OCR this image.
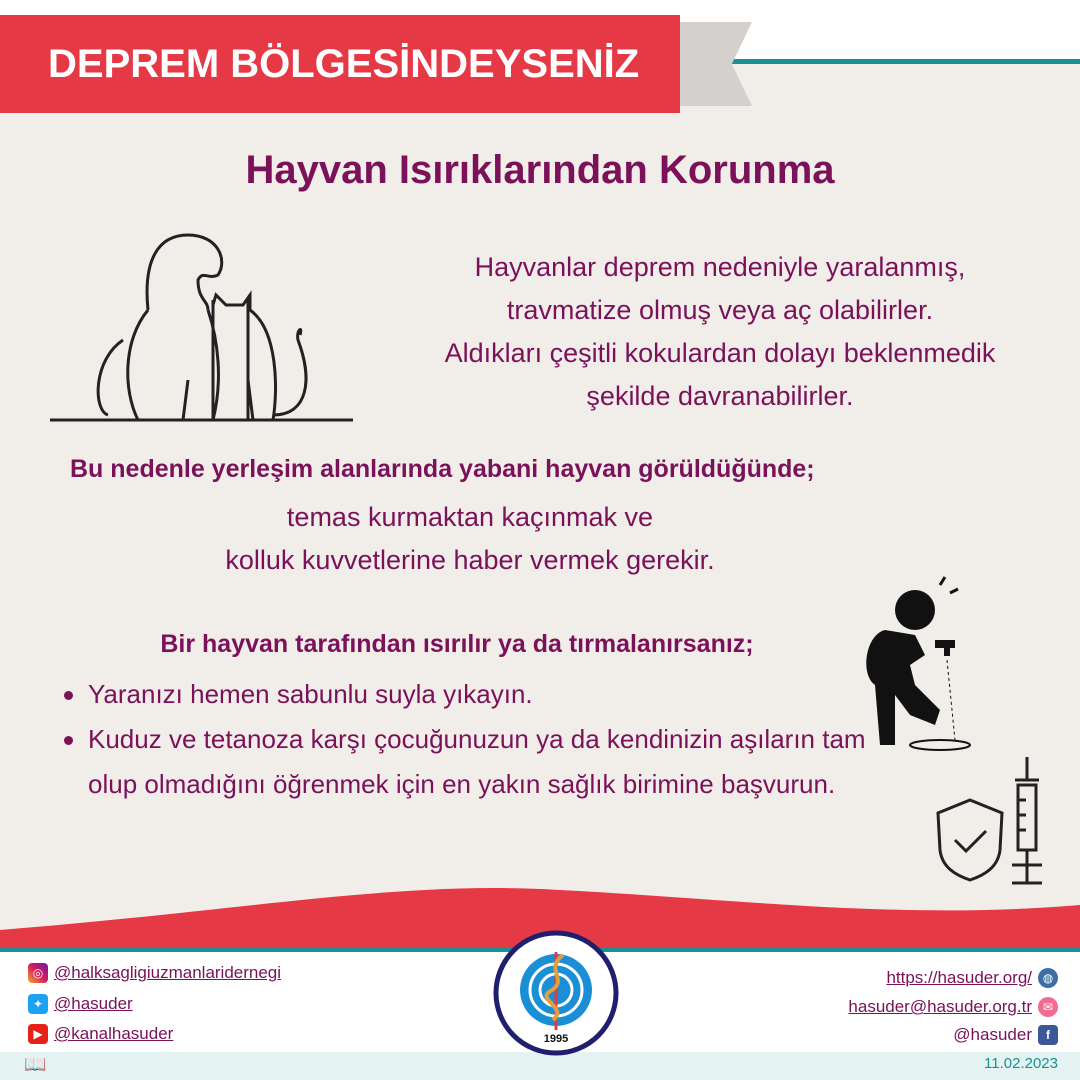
DEPREM BÖLGESİNDEYSENİZ
Hayvan Isırıklarından Korunma
Hayvanlar deprem nedeniyle yaralanmış,
travmatize olmuş veya aç olabilirler.
Aldıkları çeşitli kokulardan dolayı beklenmedik
şekilde davranabilirler.
Bu nedenle yerleşim alanlarında yabani hayvan görüldüğünde;
temas kurmaktan kaçınmak ve
kolluk kuvvetlerine haber vermek gerekir.
Bir hayvan tarafından ısırılır ya da tırmalanırsanız;
Yaranızı hemen sabunlu suyla yıkayın.
Kuduz ve tetanoza karşı çocuğunuzun ya da kendinizin aşıların tam olup olmadığını öğrenmek için en yakın sağlık birimine başvurun.
◎ @halksagligiuzmanlaridernegi
✦ @hasuder
▶ @kanalhasuder	1995
https://hasuder.org/ ◍
hasuder@hasuder.org.tr ✉
@hasuder	f
📖	11.02.2023
